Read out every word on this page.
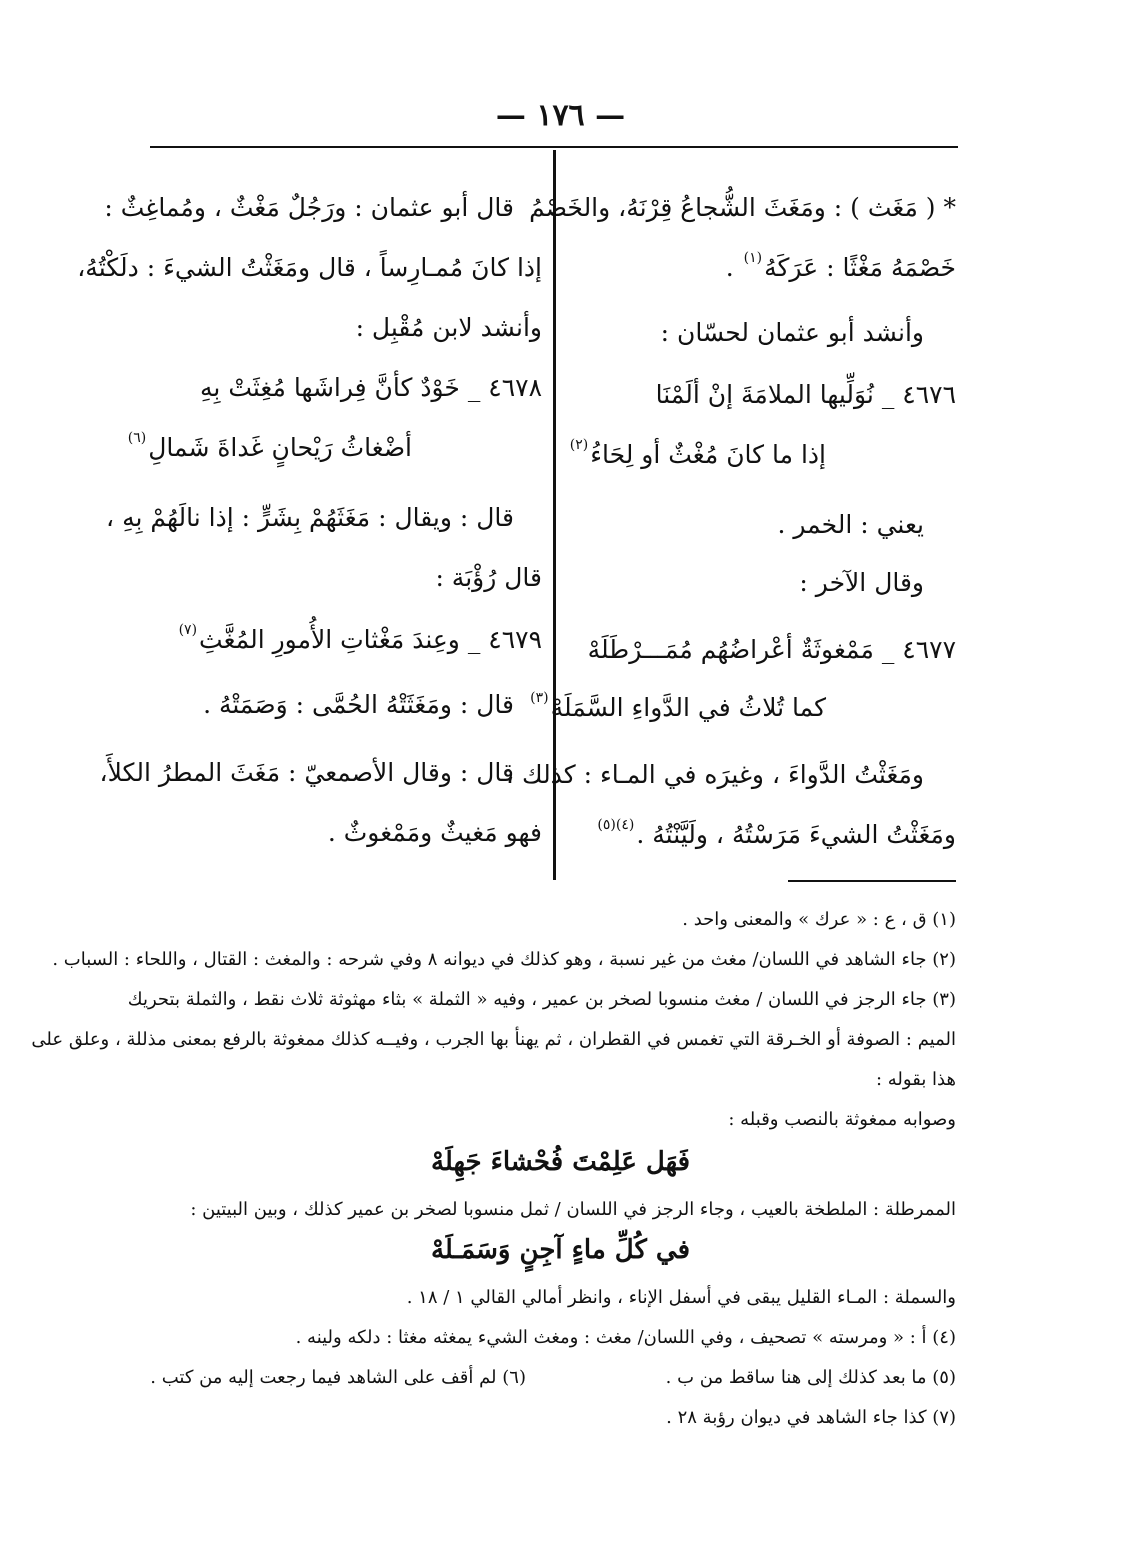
— ١٧٦ —
* ( مَغَث ) : ومَغَثَ الشُّجاعُ قِرْنَهُ، والخَصْمُ
خَصْمَهُ مَغْثًا : عَرَكَهُ$^{(١)}$ .
وأنشد أبو عثمان لحسّان :
٤٦٧٦ _ نُوَلِّيها الملامَةَ إنْ ألَمْنَا
إذا ما كانَ مُغْثٌ أو لِحَاءُ$^{(٢)}$
يعني : الخمر .
وقال الآخر :
٤٦٧٧ _ مَمْغوثَةٌ أعْراضُهُم مُمَـــرْطَلَهْ
كما تُلاثُ في الدَّواءِ السَّمَلَهْ$^{(٣)}$
ومَغَثْتُ الدَّواءَ ، وغيرَه في المـاء : كذلك ،
ومَغَثْتُ الشيءَ مَرَسْتُهُ ، ولَيَّنْتُهُ .$^{(٤)(٥)}$
قال أبو عثمان : ورَجُلٌ مَغْثٌ ، ومُماغِثٌ :
إذا كانَ مُمـارِساً ، قال ومَغَثْتُ الشيءَ : دلَكْتُهُ،
وأنشد لابن مُقْبِل :
٤٦٧٨ _ خَوْدٌ كأنَّ فِراشَها مُغِثَتْ بِهِ
أضْغاثُ رَيْحانٍ غَداةَ شَمالِ$^{(٦)}$
قال : ويقال : مَغَثَهُمْ بِشَرٍّ : إذا نالَهُمْ بِهِ ،
قال رُؤْبَة :
٤٦٧٩ _ وعِندَ مَغْثاتِ الأُمورِ المُغَّثِ$^{(٧)}$
قال : ومَغَثَتْهُ الحُمَّى : وَصَمَتْهُ .
قال : وقال الأصمعيّ : مَغَثَ المطرُ الكلأَ،
فهو مَغيثٌ ومَمْغوثٌ .
(١) ق ، ع : « عرك » والمعنى واحد .
(٢) جاء الشاهد في اللسان/ مغث من غير نسبة ، وهو كذلك في ديوانه ٨ وفي شرحه : والمغث : القتال ، واللحاء : السباب .
(٣) جاء الرجز في اللسان / مغث منسوبا لصخر بن عمير ، وفيه « الثملة » بثاء مهثوثة ثلاث نقط ، والثملة بتحريك
الميم : الصوفة أو الخـرقة التي تغمس في القطران ، ثم يهنأ بها الجرب ، وفيــه كذلك ممغوثة بالرفع بمعنى مذللة ، وعلق على
هذا بقوله :
وصوابه ممغوثة بالنصب وقبله :
فَهَل عَلِمْتَ فُحْشاءَ جَهِلَهْ
الممرطلة : الملطخة بالعيب ، وجاء الرجز في اللسان / ثمل منسوبا لصخر بن عمير كذلك ، وبين البيتين :
في كُلِّ ماءٍ آجِنٍ وَسَمَـلَهْ
والسملة : المـاء القليل يبقى في أسفل الإناء ، وانظر أمالي القالي ١ / ١٨ .
(٤) أ : « ومرسته » تصحيف ، وفي اللسان/ مغث : ومغث الشيء يمغثه مغثا : دلكه ولينه .
(٥) ما بعد كذلك إلى هنا ساقط من ب .
(٦) لم أقف على الشاهد فيما رجعت إليه من كتب .
(٧) كذا جاء الشاهد في ديوان رؤبة ٢٨ .
